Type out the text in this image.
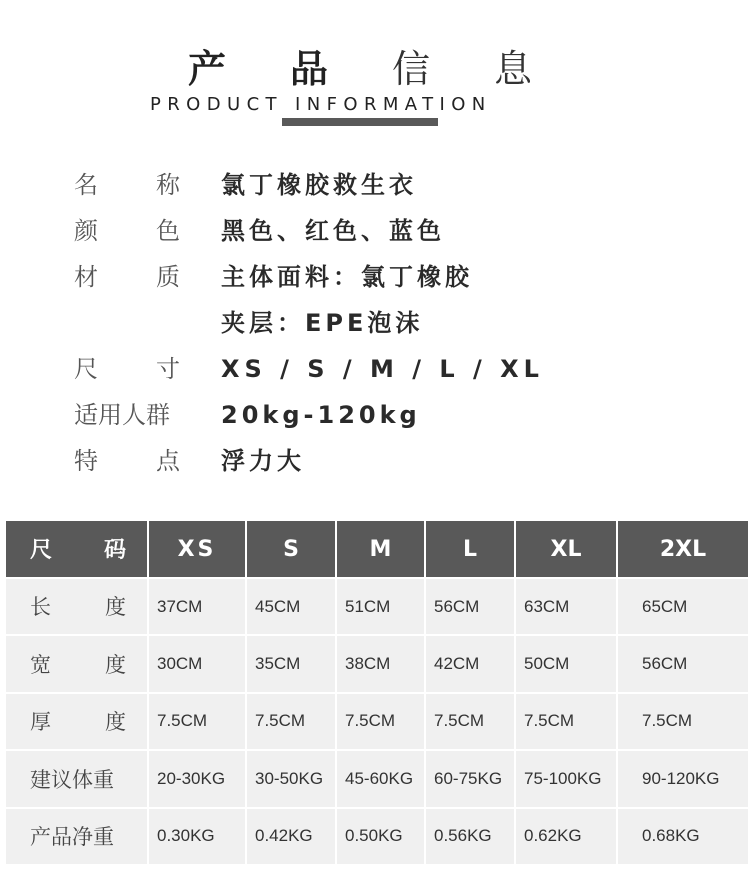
产 品 信 息
PRODUCT INFORMATION
名 称 氯丁橡胶救生衣
颜 色 黑色、红色、蓝色
材 质 主体面料：氯丁橡胶
夹层：EPE泡沫
尺 寸 XS / S / M / L / XL
适用人群 20kg-120kg
特 点 浮力大
尺 码	XS	S	M	L	XL	2XL

长 度	37CM	45CM	51CM	56CM	63CM	65CM

宽 度	30CM	35CM	38CM	42CM	50CM	56CM

厚 度	7.5CM	7.5CM	7.5CM	7.5CM	7.5CM	7.5CM
建议体重	20-30KG	30-50KG	45-60KG	60-75KG	75-100KG	90-120KG
产品净重	0.30KG	0.42KG	0.50KG	0.56KG	0.62KG	0.68KG
